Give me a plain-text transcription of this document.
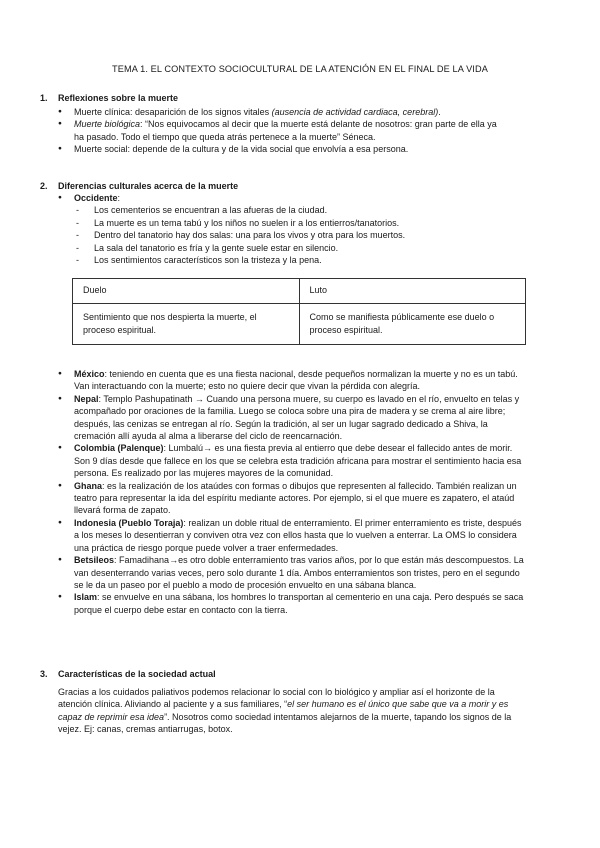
TEMA 1. EL CONTEXTO SOCIOCULTURAL DE LA ATENCIÓN EN EL FINAL DE LA VIDA
1. Reflexiones sobre la muerte
● Muerte clínica: desaparición de los signos vitales (ausencia de actividad cardiaca, cerebral).
● Muerte biológica: “Nos equivocamos al decir que la muerte está delante de nosotros: gran parte de ella ya ha pasado. Todo el tiempo que queda atrás pertenece a la muerte” Séneca.
● Muerte social: depende de la cultura y de la vida social que envolvía a esa persona.
2. Diferencias culturales acerca de la muerte
● Occidente:
- Los cementerios se encuentran a las afueras de la ciudad.
- La muerte es un tema tabú y los niños no suelen ir a los entierros/tanatorios.
- Dentro del tanatorio hay dos salas: una para los vivos y otra para los muertos.
- La sala del tanatorio es fría y la gente suele estar en silencio.
- Los sentimientos característicos son la tristeza y la pena.
Duelo	Luto
Sentimiento que nos despierta la muerte, el proceso espiritual.	Como se manifiesta públicamente ese duelo o proceso espiritual.
● México: teniendo en cuenta que es una fiesta nacional, desde pequeños normalizan la muerte y no es un tabú. Van interactuando con la muerte; esto no quiere decir que vivan la pérdida con alegría.
● Nepal: Templo Pashupatinath → Cuando una persona muere, su cuerpo es lavado en el río, envuelto en telas y acompañado por oraciones de la familia. Luego se coloca sobre una pira de madera y se crema al aire libre; después, las cenizas se entregan al río. Según la tradición, al ser un lugar sagrado dedicado a Shiva, la cremación allí ayuda al alma a liberarse del ciclo de reencarnación.
● Colombia (Palenque): Lumbalú→ es una fiesta previa al entierro que debe desear el fallecido antes de morir. Son 9 días desde que fallece en los que se celebra esta tradición africana para mostrar el sentimiento hacia esa persona. Es realizado por las mujeres mayores de la comunidad.
● Ghana: es la realización de los ataúdes con formas o dibujos que representen al fallecido. También realizan un teatro para representar la ida del espíritu mediante actores. Por ejemplo, si el que muere es zapatero, el ataúd llevará forma de zapato.
● Indonesia (Pueblo Toraja): realizan un doble ritual de enterramiento. El primer enterramiento es triste, después a los meses lo desentierran y conviven otra vez con ellos hasta que lo vuelven a enterrar. La OMS lo considera una práctica de riesgo porque puede volver a traer enfermedades.
● Betsileos: Famadihana→es otro doble enterramiento tras varios años, por lo que están más descompuestos. La van desenterrando varias veces, pero solo durante 1 día. Ambos enterramientos son tristes, pero en el segundo se le da un paseo por el pueblo a modo de procesión envuelto en una sábana blanca.
● Islam: se envuelve en una sábana, los hombres lo transportan al cementerio en una caja. Pero después se saca porque el cuerpo debe estar en contacto con la tierra.
3. Características de la sociedad actual
Gracias a los cuidados paliativos podemos relacionar lo social con lo biológico y ampliar así el horizonte de la atención clínica. Aliviando al paciente y a sus familiares, “el ser humano es el único que sabe que va a morir y es capaz de reprimir esa idea”. Nosotros como sociedad intentamos alejarnos de la muerte, tapando los signos de la vejez. Ej: canas, cremas antiarrugas, botox.
